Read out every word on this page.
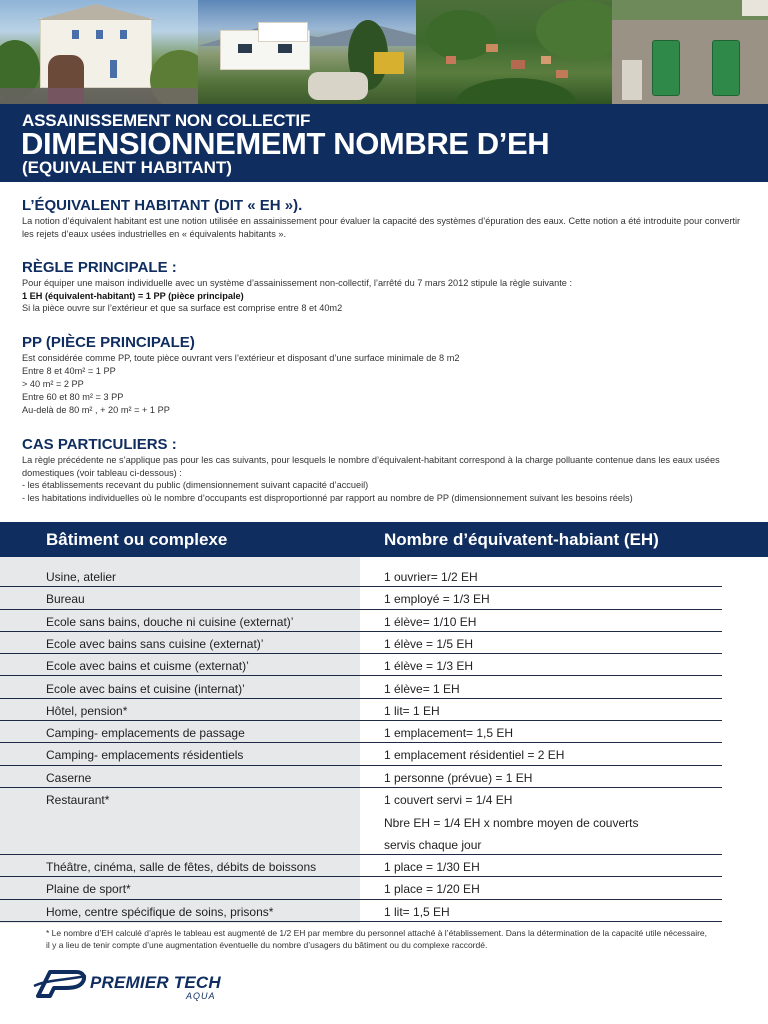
ASSAINISSEMENT NON COLLECTIF
DIMENSIONNEMEMT NOMBRE D’EH
(EQUIVALENT HABITANT)
L’ÉQUIVALENT HABITANT (DIT « EH »).
La notion d’équivalent habitant est une notion utilisée en assainissement pour évaluer la capacité des systèmes d’épuration des eaux. Cette notion a été introduite pour convertir
les rejets d’eaux usées industrielles en « équivalents habitants ».
RÈGLE PRINCIPALE :
Pour équiper une maison individuelle avec un système d’assainissement non-collectif, l’arrêté du 7 mars 2012 stipule la règle suivante :
1 EH (équivalent-habitant) = 1 PP (pièce principale)
Si la pièce ouvre sur l’extérieur et que sa surface est comprise entre 8 et 40m2
PP (PIÈCE PRINCIPALE)
Est considérée comme PP, toute pièce ouvrant vers l’extérieur et disposant d’une surface minimale de 8 m2
Entre 8 et 40m² = 1 PP
> 40 m² = 2 PP
Entre 60 et 80 m² = 3 PP
Au-delà de 80 m² , + 20 m² = + 1 PP
CAS PARTICULIERS :
La règle précédente ne s’applique pas pour les cas suivants, pour lesquels le nombre d’équivalent-habitant correspond à la charge polluante contenue dans les eaux usées
domestiques (voir tableau ci-dessous) :
- les établissements recevant du public (dimensionnement suivant capacité d’accueil)
- les habitations individuelles où le nombre d’occupants est disproportionné par rapport au nombre de PP (dimensionnement suivant les besoins réels)
Bâtiment ou complexe	Nombre d’équivatent-habiant (EH)
Usine, atelier	1 ouvrier= 1/2 EH
Bureau	1 employé = 1/3 EH
Ecole sans bains, douche ni cuisine (externat)’	1 élève= 1/10 EH
Ecole avec bains sans cuisine (externat)’	1 élève = 1/5 EH
Ecole avec bains et cuisme (externat)’	1 élève = 1/3 EH
Ecole avec bains et cuisine (internat)’	1 élève= 1 EH
Hôtel, pension*	1 lit= 1 EH
Camping- emplacements de passage	1 emplacement= 1,5 EH
Camping- emplacements résidentiels	1 emplacement résidentiel = 2 EH
Caserne	1 personne (prévue) = 1 EH
Restaurant*	1 couvert servi = 1/4 EH
Nbre EH = 1/4 EH x nombre moyen de couverts
servis chaque jour
Théâtre, cinéma, salle de fêtes, débits de boissons	1 place = 1/30 EH
Plaine de sport*	1 place = 1/20 EH
Home, centre spécifique de soins, prisons*	1 lit= 1,5 EH
* Le nombre d’EH calculé d’après le tableau est augmenté de 1/2 EH par membre du personnel attaché à l’établissement. Dans la détermination de la capacité utile nécessaire,
il y a lieu de tenir compte d’une augmentation éventuelle du nombre d’usagers du bâtiment ou du complexe raccordé.
PREMIER TECH
AQUA
